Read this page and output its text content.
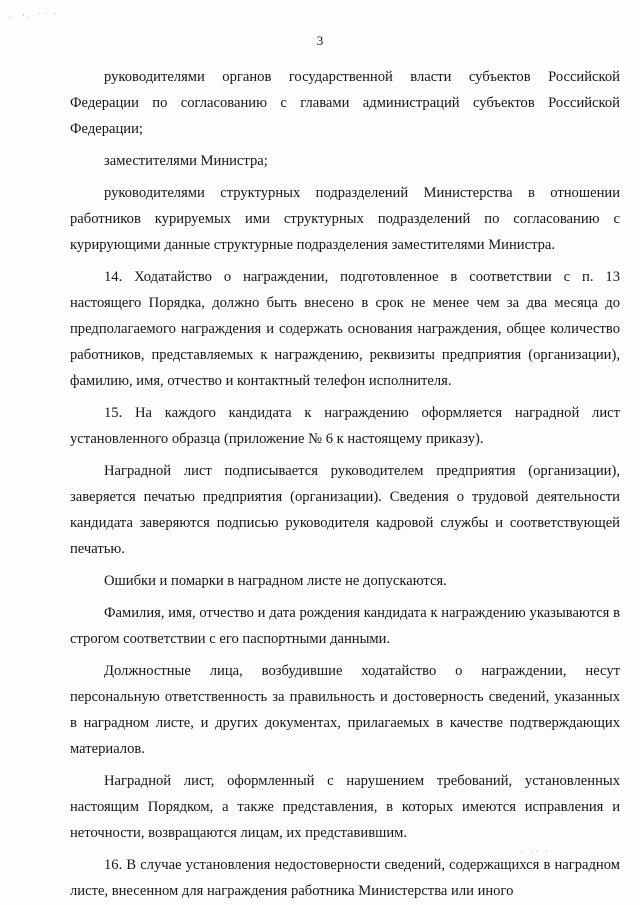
·  '· ·· ·
· ·· ·
3

руководителями органов государственной власти субъектов Российской Федерации по согласованию с главами администраций субъектов Российской Федерации;

заместителями Министра;

руководителями структурных подразделений Министерства в отношении работников курируемых ими структурных подразделений по согласованию с курирующими данные структурные подразделения заместителями Министра.

14. Ходатайство о награждении, подготовленное в соответствии с п. 13 настоящего Порядка, должно быть внесено в срок не менее чем за два месяца до предполагаемого награждения и содержать основания награждения, общее количество работников, представляемых к награждению, реквизиты предприятия (организации), фамилию, имя, отчество и контактный телефон исполнителя.

15. На каждого кандидата к награждению оформляется наградной лист установленного образца (приложение № 6 к настоящему приказу).

Наградной лист подписывается руководителем предприятия (организации), заверяется печатью предприятия (организации). Сведения о трудовой деятельности кандидата заверяются подписью руководителя кадровой службы и соответствующей печатью.

Ошибки и помарки в наградном листе не допускаются.

Фамилия, имя, отчество и дата рождения кандидата к награждению указываются в строгом соответствии с его паспортными данными.

Должностные лица, возбудившие ходатайство о награждении, несут персональную ответственность за правильность и достоверность сведений, указанных в наградном листе, и других документах, прилагаемых в качестве подтверждающих материалов.

Наградной лист, оформленный с нарушением требований, установленных настоящим Порядком, а также представления, в которых имеются исправления и неточности, возвращаются лицам, их представившим.

16. В случае установления недостоверности сведений, содержащихся в наградном листе, внесенном для награждения работника Министерства или иного
